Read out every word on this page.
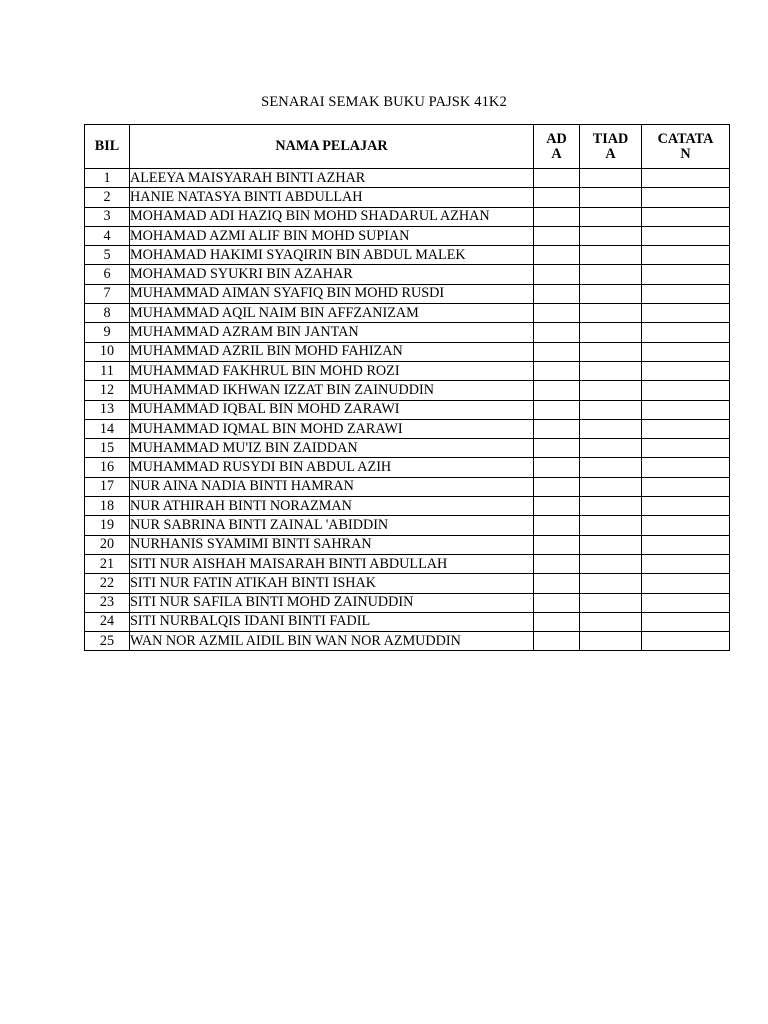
SENARAI SEMAK BUKU PAJSK 41K2
BIL	NAMA PELAJAR	AD A	TIAD A	CATATA N
1	ALEEYA MAISYARAH BINTI AZHAR			
2	HANIE NATASYA BINTI ABDULLAH			
3	MOHAMAD ADI HAZIQ BIN MOHD SHADARUL AZHAN			
4	MOHAMAD AZMI ALIF BIN MOHD SUPIAN			
5	MOHAMAD HAKIMI SYAQIRIN BIN ABDUL MALEK			
6	MOHAMAD SYUKRI BIN AZAHAR			
7	MUHAMMAD AIMAN SYAFIQ BIN MOHD RUSDI			
8	MUHAMMAD AQIL NAIM BIN AFFZANIZAM			
9	MUHAMMAD AZRAM BIN JANTAN			
10	MUHAMMAD AZRIL BIN MOHD FAHIZAN			
11	MUHAMMAD FAKHRUL BIN MOHD ROZI			
12	MUHAMMAD IKHWAN IZZAT BIN ZAINUDDIN			
13	MUHAMMAD IQBAL BIN MOHD ZARAWI			
14	MUHAMMAD IQMAL BIN MOHD ZARAWI			
15	MUHAMMAD MU'IZ BIN ZAIDDAN			
16	MUHAMMAD RUSYDI BIN ABDUL AZIH			
17	NUR AINA NADIA BINTI HAMRAN			
18	NUR ATHIRAH BINTI NORAZMAN			
19	NUR SABRINA BINTI ZAINAL 'ABIDDIN			
20	NURHANIS SYAMIMI BINTI SAHRAN			
21	SITI NUR AISHAH MAISARAH BINTI ABDULLAH			
22	SITI NUR FATIN ATIKAH BINTI ISHAK			
23	SITI NUR SAFILA BINTI MOHD ZAINUDDIN			
24	SITI NURBALQIS IDANI BINTI FADIL			
25	WAN NOR AZMIL AIDIL BIN WAN NOR AZMUDDIN			
